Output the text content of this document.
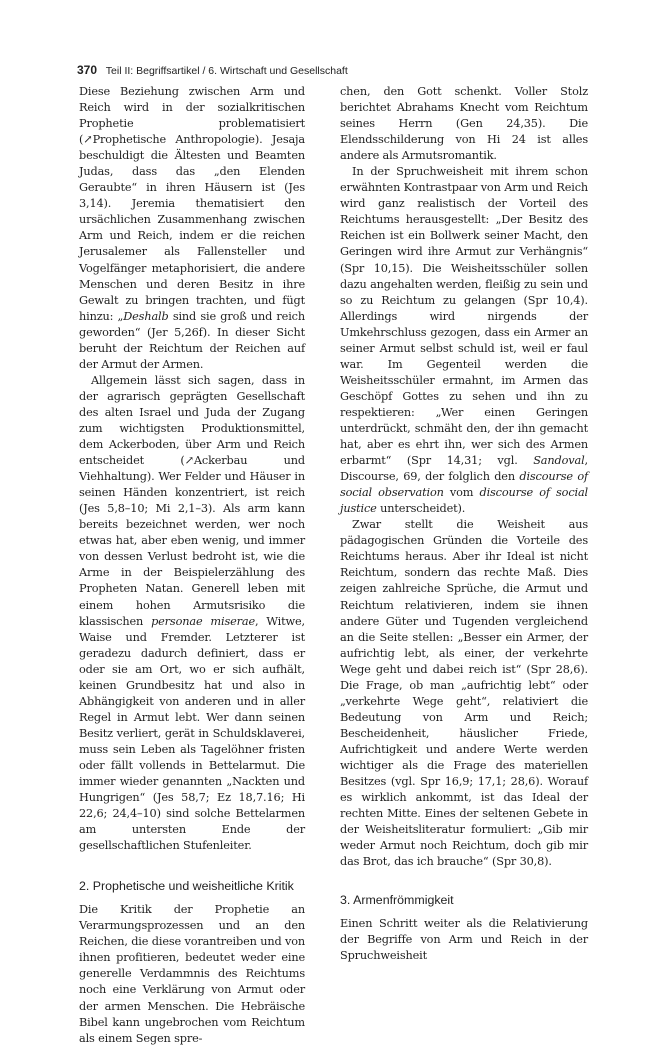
370 Teil II: Begriffsartikel / 6. Wirtschaft und Gesellschaft

Diese Beziehung zwischen Arm und Reich wird in der sozialkritischen Prophetie problematisiert (↗Prophetische Anthropologie). Jesaja beschuldigt die Ältesten und Beamten Judas, dass das „den Elenden Geraubte“ in ihren Häusern ist (Jes 3,14). Jeremia thematisiert den ursächlichen Zusammenhang zwischen Arm und Reich, indem er die reichen Jerusalemer als Fallensteller und Vogelfänger metaphorisiert, die andere Menschen und deren Besitz in ihre Gewalt zu bringen trachten, und fügt hinzu: „Deshalb sind sie groß und reich geworden“ (Jer 5,26f). In dieser Sicht beruht der Reichtum der Reichen auf der Armut der Armen.

Allgemein lässt sich sagen, dass in der agrarisch geprägten Gesellschaft des alten Israel und Juda der Zugang zum wichtigsten Produktionsmittel, dem Ackerboden, über Arm und Reich entscheidet (↗Ackerbau und Viehhaltung). Wer Felder und Häuser in seinen Händen konzentriert, ist reich (Jes 5,8–10; Mi 2,1–3). Als arm kann bereits bezeichnet werden, wer noch etwas hat, aber eben wenig, und immer von dessen Verlust bedroht ist, wie die Arme in der Beispielerzählung des Propheten Natan. Generell leben mit einem hohen Armutsrisiko die klassischen personae miserae, Witwe, Waise und Fremder. Letzterer ist geradezu dadurch definiert, dass er oder sie am Ort, wo er sich aufhält, keinen Grundbesitz hat und also in Abhängigkeit von anderen und in aller Regel in Armut lebt. Wer dann seinen Besitz verliert, gerät in Schuldsklaverei, muss sein Leben als Tagelöhner fristen oder fällt vollends in Bettelarmut. Die immer wieder genannten „Nackten und Hungrigen“ (Jes 58,7; Ez 18,7.16; Hi 22,6; 24,4–10) sind solche Bettelarmen am untersten Ende der gesellschaftlichen Stufenleiter.

2. Prophetische und weisheitliche Kritik

Die Kritik der Prophetie an Verarmungsprozessen und an den Reichen, die diese vorantreiben und von ihnen profitieren, bedeutet weder eine generelle Verdammnis des Reichtums noch eine Verklärung von Armut oder der armen Menschen. Die Hebräische Bibel kann ungebrochen vom Reichtum als einem Segen spre-

chen, den Gott schenkt. Voller Stolz berichtet Abrahams Knecht vom Reichtum seines Herrn (Gen 24,35). Die Elendsschilderung von Hi 24 ist alles andere als Armutsromantik.

In der Spruchweisheit mit ihrem schon erwähnten Kontrastpaar von Arm und Reich wird ganz realistisch der Vorteil des Reichtums herausgestellt: „Der Besitz des Reichen ist ein Bollwerk seiner Macht, den Geringen wird ihre Armut zur Verhängnis“ (Spr 10,15). Die Weisheitsschüler sollen dazu angehalten werden, fleißig zu sein und so zu Reichtum zu gelangen (Spr 10,4). Allerdings wird nirgends der Umkehrschluss gezogen, dass ein Armer an seiner Armut selbst schuld ist, weil er faul war. Im Gegenteil werden die Weisheitsschüler ermahnt, im Armen das Geschöpf Gottes zu sehen und ihn zu respektieren: „Wer einen Geringen unterdrückt, schmäht den, der ihn gemacht hat, aber es ehrt ihn, wer sich des Armen erbarmt“ (Spr 14,31; vgl. Sandoval, Discourse, 69, der folglich den discourse of social observation vom discourse of social justice unterscheidet).

Zwar stellt die Weisheit aus pädagogischen Gründen die Vorteile des Reichtums heraus. Aber ihr Ideal ist nicht Reichtum, sondern das rechte Maß. Dies zeigen zahlreiche Sprüche, die Armut und Reichtum relativieren, indem sie ihnen andere Güter und Tugenden vergleichend an die Seite stellen: „Besser ein Armer, der aufrichtig lebt, als einer, der verkehrte Wege geht und dabei reich ist“ (Spr 28,6). Die Frage, ob man „aufrichtig lebt“ oder „verkehrte Wege geht“, relativiert die Bedeutung von Arm und Reich; Bescheidenheit, häuslicher Friede, Aufrichtigkeit und andere Werte werden wichtiger als die Frage des materiellen Besitzes (vgl. Spr 16,9; 17,1; 28,6). Worauf es wirklich ankommt, ist das Ideal der rechten Mitte. Eines der seltenen Gebete in der Weisheitsliteratur formuliert: „Gib mir weder Armut noch Reichtum, doch gib mir das Brot, das ich brauche“ (Spr 30,8).

3. Armenfrömmigkeit

Einen Schritt weiter als die Relativierung der Begriffe von Arm und Reich in der Spruchweisheit
